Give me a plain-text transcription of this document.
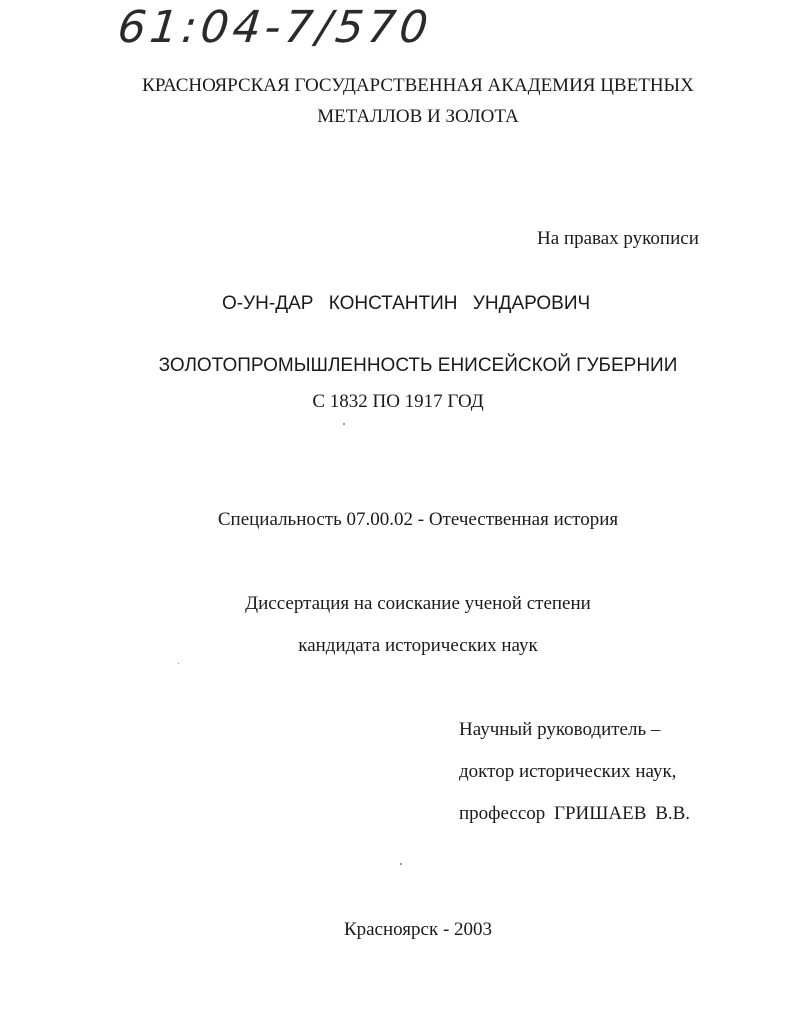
61:04-7/570
КРАСНОЯРСКАЯ ГОСУДАРСТВЕННАЯ АКАДЕМИЯ ЦВЕТНЫХ
МЕТАЛЛОВ И ЗОЛОТА
На правах рукописи
О-УН-ДАР КОНСТАНТИН УНДАРОВИЧ
ЗОЛОТОПРОМЫШЛЕННОСТЬ ЕНИСЕЙСКОЙ ГУБЕРНИИ
С 1832 ПО 1917 ГОД
Специальность 07.00.02 - Отечественная история
Диссертация на соискание ученой степени
кандидата исторических наук
Научный руководитель –
доктор исторических наук,
профессор ГРИШАЕВ В.В.
Красноярск - 2003
